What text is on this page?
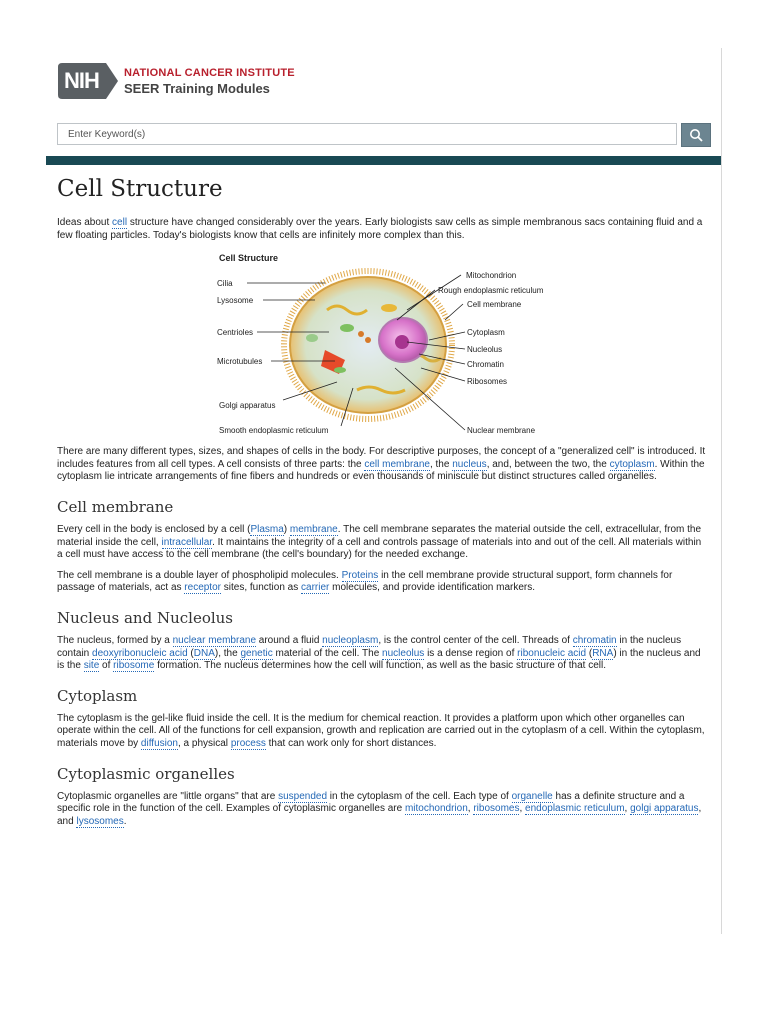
NIH NATIONAL CANCER INSTITUTE
SEER Training Modules
Enter Keyword(s)
Cell Structure

Ideas about cell structure have changed considerably over the years. Early biologists saw cells as simple membranous sacs containing fluid and a few floating particles. Today's biologists know that cells are infinitely more complex than this.

Cell Structure
Cilia
Lysosome
Centrioles
Microtubules
Golgi apparatus
Smooth endoplasmic reticulum
Mitochondrion
Rough endoplasmic reticulum
Cell membrane
Cytoplasm
Nucleolus
Chromatin
Ribosomes
Nuclear membrane

There are many different types, sizes, and shapes of cells in the body. For descriptive purposes, the concept of a "generalized cell" is introduced. It includes features from all cell types. A cell consists of three parts: the cell membrane, the nucleus, and, between the two, the cytoplasm. Within the cytoplasm lie intricate arrangements of fine fibers and hundreds or even thousands of miniscule but distinct structures called organelles.

Cell membrane

Every cell in the body is enclosed by a cell (Plasma) membrane. The cell membrane separates the material outside the cell, extracellular, from the material inside the cell, intracellular. It maintains the integrity of a cell and controls passage of materials into and out of the cell. All materials within a cell must have access to the cell membrane (the cell's boundary) for the needed exchange.

The cell membrane is a double layer of phospholipid molecules. Proteins in the cell membrane provide structural support, form channels for passage of materials, act as receptor sites, function as carrier molecules, and provide identification markers.

Nucleus and Nucleolus

The nucleus, formed by a nuclear membrane around a fluid nucleoplasm, is the control center of the cell. Threads of chromatin in the nucleus contain deoxyribonucleic acid (DNA), the genetic material of the cell. The nucleolus is a dense region of ribonucleic acid (RNA) in the nucleus and is the site of ribosome formation. The nucleus determines how the cell will function, as well as the basic structure of that cell.

Cytoplasm

The cytoplasm is the gel-like fluid inside the cell. It is the medium for chemical reaction. It provides a platform upon which other organelles can operate within the cell. All of the functions for cell expansion, growth and replication are carried out in the cytoplasm of a cell. Within the cytoplasm, materials move by diffusion, a physical process that can work only for short distances.

Cytoplasmic organelles

Cytoplasmic organelles are "little organs" that are suspended in the cytoplasm of the cell. Each type of organelle has a definite structure and a specific role in the function of the cell. Examples of cytoplasmic organelles are mitochondrion, ribosomes, endoplasmic reticulum, golgi apparatus, and lysosomes.
